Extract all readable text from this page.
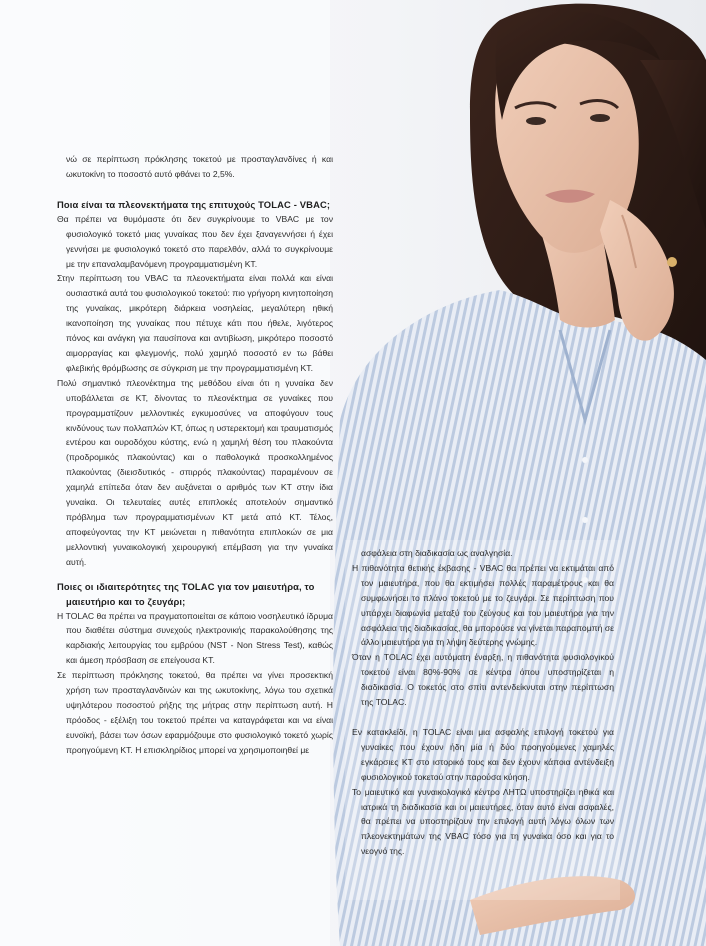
νώ σε περίπτωση πρόκλησης τοκετού με προσταγλανδίνες ή και ωκυτοκίνη το ποσοστό αυτό φθάνει το 2,5%.

Ποια είναι τα πλεονεκτήματα της επιτυχούς TOLAC - VBAC;

Θα πρέπει να θυμόμαστε ότι δεν συγκρίνουμε το VBAC με τον φυσιολογικό τοκετό μιας γυναίκας που δεν έχει ξαναγεννήσει ή έχει γεννήσει με φυσιολογικό τοκετό στο παρελθόν, αλλά το συγκρίνουμε με την επαναλαμβανόμενη προγραμματισμένη ΚΤ.

Στην περίπτωση του VBAC τα πλεονεκτήματα είναι πολλά και είναι ουσιαστικά αυτά του φυσιολογικού τοκετού: πιο γρήγορη κινητοποίηση της γυναίκας, μικρότερη διάρκεια νοσηλείας, μεγαλύτερη ηθική ικανοποίηση της γυναίκας που πέτυχε κάτι που ήθελε, λιγότερος πόνος και ανάγκη για παυσίπονα και αντιβίωση, μικρότερο ποσοστό αιμορραγίας και φλεγμονής, πολύ χαμηλό ποσοστό εν τω βάθει φλεβικής θρόμβωσης σε σύγκριση με την προγραμματισμένη ΚΤ.

Πολύ σημαντικό πλεονέκτημα της μεθόδου είναι ότι η γυναίκα δεν υποβάλλεται σε ΚΤ, δίνοντας το πλεονέκτημα σε γυναίκες που προγραμματίζουν μελλοντικές εγκυμοσύνες να αποφύγουν τους κινδύνους των πολλαπλών ΚΤ, όπως η υστερεκτομή και τραυματισμός εντέρου και ουροδόχου κύστης, ενώ η χαμηλή θέση του πλακούντα (προδρομικός πλακούντας) και ο παθολογικά προσκολλημένος πλακούντας (διεισδυτικός - σπιρρός πλακούντας) παραμένουν σε χαμηλά επίπεδα όταν δεν αυξάνεται ο αριθμός των ΚΤ στην ίδια γυναίκα. Οι τελευταίες αυτές επιπλοκές αποτελούν σημαντικό πρόβλημα των προγραμματισμένων ΚΤ μετά από ΚΤ. Τέλος, αποφεύγοντας την ΚΤ μειώνεται η πιθανότητα επιπλοκών σε μια μελλοντική γυναικολογική χειρουργική επέμβαση για την γυναίκα αυτή.

Ποιες οι ιδιαιτερότητες της TOLAC για τον μαιευτήρα, το μαιευτήριο και το ζευγάρι;

Η TOLAC θα πρέπει να πραγματοποιείται σε κάποιο νοσηλευτικό ίδρυμα που διαθέτει σύστημα συνεχούς ηλεκτρονικής παρακολούθησης της καρδιακής λειτουργίας του εμβρύου (NST - Non Stress Test), καθώς και άμεση πρόσβαση σε επείγουσα ΚΤ.

Σε περίπτωση πρόκλησης τοκετού, θα πρέπει να γίνει προσεκτική χρήση των προσταγλανδινών και της ωκυτοκίνης, λόγω του σχετικά υψηλότερου ποσοστού ρήξης της μήτρας στην περίπτωση αυτή. Η πρόοδος - εξέλιξη του τοκετού πρέπει να καταγράφεται και να είναι ευνοϊκή, βάσει των όσων εφαρμόζουμε στο φυσιολογικό τοκετό χωρίς προηγούμενη ΚΤ. Η επισκληρίδιος μπορεί να χρησιμοποιηθεί με

ασφάλεια στη διαδικασία ως αναλγησία.

Η πιθανότητα θετικής έκβασης - VBAC θα πρέπει να εκτιμάται από τον μαιευτήρα, που θα εκτιμήσει πολλές παραμέτρους και θα συμφωνήσει το πλάνο τοκετού με το ζευγάρι. Σε περίπτωση που υπάρχει διαφωνία μεταξύ του ζεύγους και του μαιευτήρα για την ασφάλεια της διαδικασίας, θα μπορούσε να γίνεται παραπομπή σε άλλο μαιευτήρα για τη λήψη δεύτερης γνώμης.

Όταν η TOLAC έχει αυτόματη έναρξη, η πιθανότητα φυσιολογικού τοκετού είναι 80%-90% σε κέντρα όπου υποστηρίζεται η διαδικασία. Ο τοκετός στο σπίτι αντενδείκνυται στην περίπτωση της TOLAC.

Εν κατακλείδι, η TOLAC είναι μια ασφαλής επιλογή τοκετού για γυναίκες που έχουν ήδη μία ή δύο προηγούμενες χαμηλές εγκάρσιες ΚΤ στο ιστορικό τους και δεν έχουν κάποια αντένδειξη φυσιολογικού τοκετού στην παρούσα κύηση.

Το μαιευτικό και γυναικολογικό κέντρο ΛΗΤΩ υποστηρίζει ηθικά και ιατρικά τη διαδικασία και οι μαιευτήρες, όταν αυτό είναι ασφαλές, θα πρέπει να υποστηρίζουν την επιλογή αυτή λόγω όλων των πλεονεκτημάτων της VBAC τόσο για τη γυναίκα όσο και για το νεογνό της.
